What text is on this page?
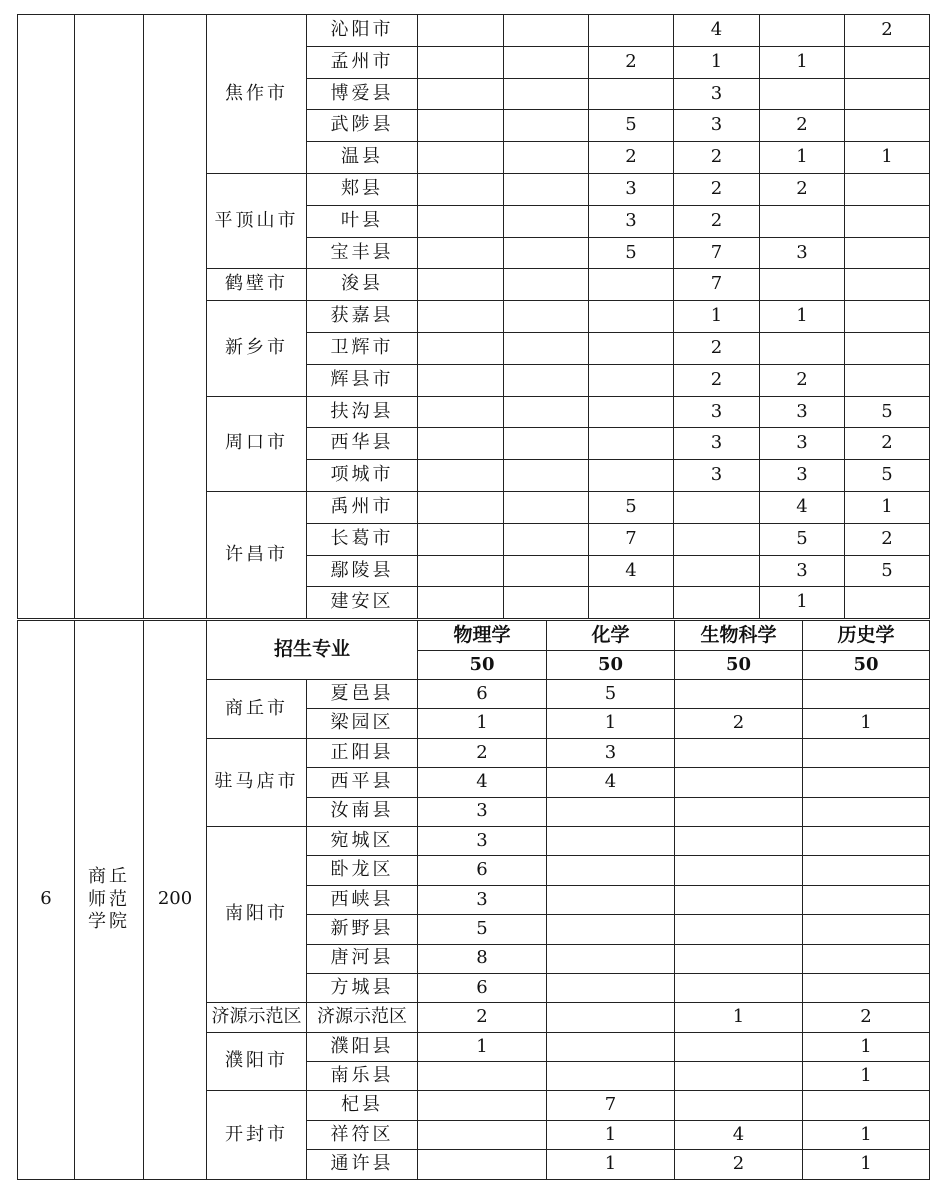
			焦作市	沁阳市				4		2
				孟州市			2	1	1	
				博爱县				3		
				武陟县			5	3	2	
				温县			2	2	1	1
			平顶山市	郏县			3	2	2	
				叶县			3	2		
				宝丰县			5	7	3	
			鹤壁市	浚县				7		
			新乡市	获嘉县				1	1	
				卫辉市				2		
				辉县市				2	2	
			周口市	扶沟县				3	3	5
				西华县				3	3	2
				项城市				3	3	5
			许昌市	禹州市			5		4	1
				长葛市			7		5	2
				鄢陵县			4		3	5
				建安区					1	
6	商丘师范学院	200	招生专业		物理学	化学	生物科学	历史学
					50	50	50	50
			商丘市	夏邑县	6	5		
				梁园区	1	1	2	1
			驻马店市	正阳县	2	3		
				西平县	4	4		
				汝南县	3			
			南阳市	宛城区	3			
				卧龙区	6			
				西峡县	3			
				新野县	5			
				唐河县	8			
				方城县	6			
			济源示范区	济源示范区	2		1	2
			濮阳市	濮阳县	1			1
				南乐县				1
			开封市	杞县		7		
				祥符区		1	4	1
				通许县		1	2	1
